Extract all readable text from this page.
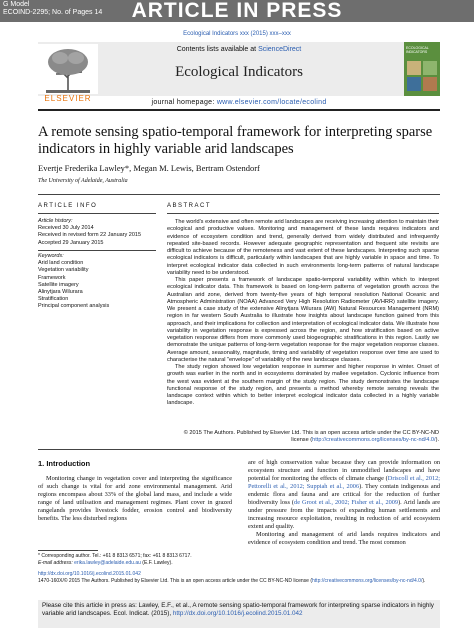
ARTICLE IN PRESS
G Model
ECOIND-2295; No. of Pages 14
Ecological Indicators xxx (2015) xxx–xxx
ELSEVIER
Contents lists available at ScienceDirect
Ecological Indicators
ECOLOGICAL INDICATORS
journal homepage: www.elsevier.com/locate/ecolind
A remote sensing spatio-temporal framework for interpreting sparse indicators in highly variable arid landscapes
Evertje Frederika Lawley*, Megan M. Lewis, Bertram Ostendorf
The University of Adelaide, Australia
ARTICLE INFO
Article history:
Received 30 July 2014
Received in revised form 22 January 2015
Accepted 29 January 2015
Keywords:
Arid land condition
Vegetation variability
Framework
Satellite imagery
Alinytjara Wilurara
Stratification
Principal component analysis
ABSTRACT

The world's extensive and often remote arid landscapes are receiving increasing attention to maintain their ecological and productive values. Monitoring and management of these lands requires indicators and evidence of ecosystem condition and trend, generally derived from widely distributed and infrequently repeated site-based records. However adequate geographic representation and frequent site revisits are difficult to achieve because of the remoteness and vast extent of these landscapes. Interpreting such sparse ecological indicators is difficult, particularly within landscapes that are highly variable in space and time. To interpret ecological indicator data collected in such environments long-term patterns of natural landscape variability need to be understood.

This paper presents a framework of landscape spatio-temporal variability within which to interpret ecological indicator data. This framework is based on long-term patterns of vegetation growth across the Australian arid zone, derived from twenty-five years of high temporal resolution National Oceanic and Atmospheric Administration (NOAA) Advanced Very High Resolution Radiometer (AVHRR) satellite imagery. We present a case study of the extensive Alinytjara Wilurara (AW) Natural Resources Management (NRM) region in far western South Australia to illustrate how insights about landscape function gained from this approach, and their implications for collection and interpretation of ecological indicator data. We illustrate how variability in vegetation response is expressed across the region, and how stratification based on active vegetation response differs from more commonly used biogeographic stratifications in this region. Lastly we demonstrate the unique patterns of long-term vegetation response for the major vegetation response classes. Average amount, seasonality, magnitude, timing and variability of vegetation response over time are used to characterise the natural "envelope" of variability of the new landscape classes.

The study region showed low vegetation response in summer and higher response in winter. Onset of growth was earlier in the north and in ecosystems dominated by mallee vegetation. Cyclonic influence from the west was evident at the southern margin of the study region. The study demonstrates the landscape functional response of the study region, and presents a method whereby remote sensing reveals the landscape context within which to better interpret ecological indicator data collected in a highly variable landscape.

© 2015 The Authors. Published by Elsevier Ltd. This is an open access article under the CC BY-NC-ND
license (http://creativecommons.org/licenses/by-nc-nd/4.0/).
1. Introduction

Monitoring change in vegetation cover and interpreting the significance of such change is vital for arid zone environmental management. Arid regions encompass about 33% of the global land mass, and include a wide range of land utilisation and management regimes. Plant cover in grazed rangelands provides livestock fodder, erosion control and biodiversity benefits. The less disturbed regions

are of high conservation value because they can provide information on ecosystem structure and function in unmodified landscapes and have potential for monitoring the effects of climate change (Driscoll et al., 2012; Pettorelli et al., 2012; Suppiah et al., 2006). They contain indigenous and endemic flora and fauna and are critical for the reduction of further biodiversity loss (de Groot et al., 2002; Fisher et al., 2009). Arid lands are under pressure from the impacts of expanding human settlements and increasing resource exploitation, resulting in reduction of arid ecosystem extent and quality.

Monitoring and management of arid lands requires indicators and evidence of ecosystem condition and trend. The most common

* Corresponding author. Tel.: +61 8 8313 6571; fax: +61 8 8313 6717.
E-mail address: erika.lawley@adelaide.edu.au (E.F. Lawley).
http://dx.doi.org/10.1016/j.ecolind.2015.01.042
1470-160X/© 2015 The Authors. Published by Elsevier Ltd. This is an open access article under the CC BY-NC-ND license (http://creativecommons.org/licenses/by-nc-nd/4.0/).
Please cite this article in press as: Lawley, E.F., et al., A remote sensing spatio-temporal framework for interpreting sparse indicators in highly variable arid landscapes. Ecol. Indicat. (2015), http://dx.doi.org/10.1016/j.ecolind.2015.01.042
